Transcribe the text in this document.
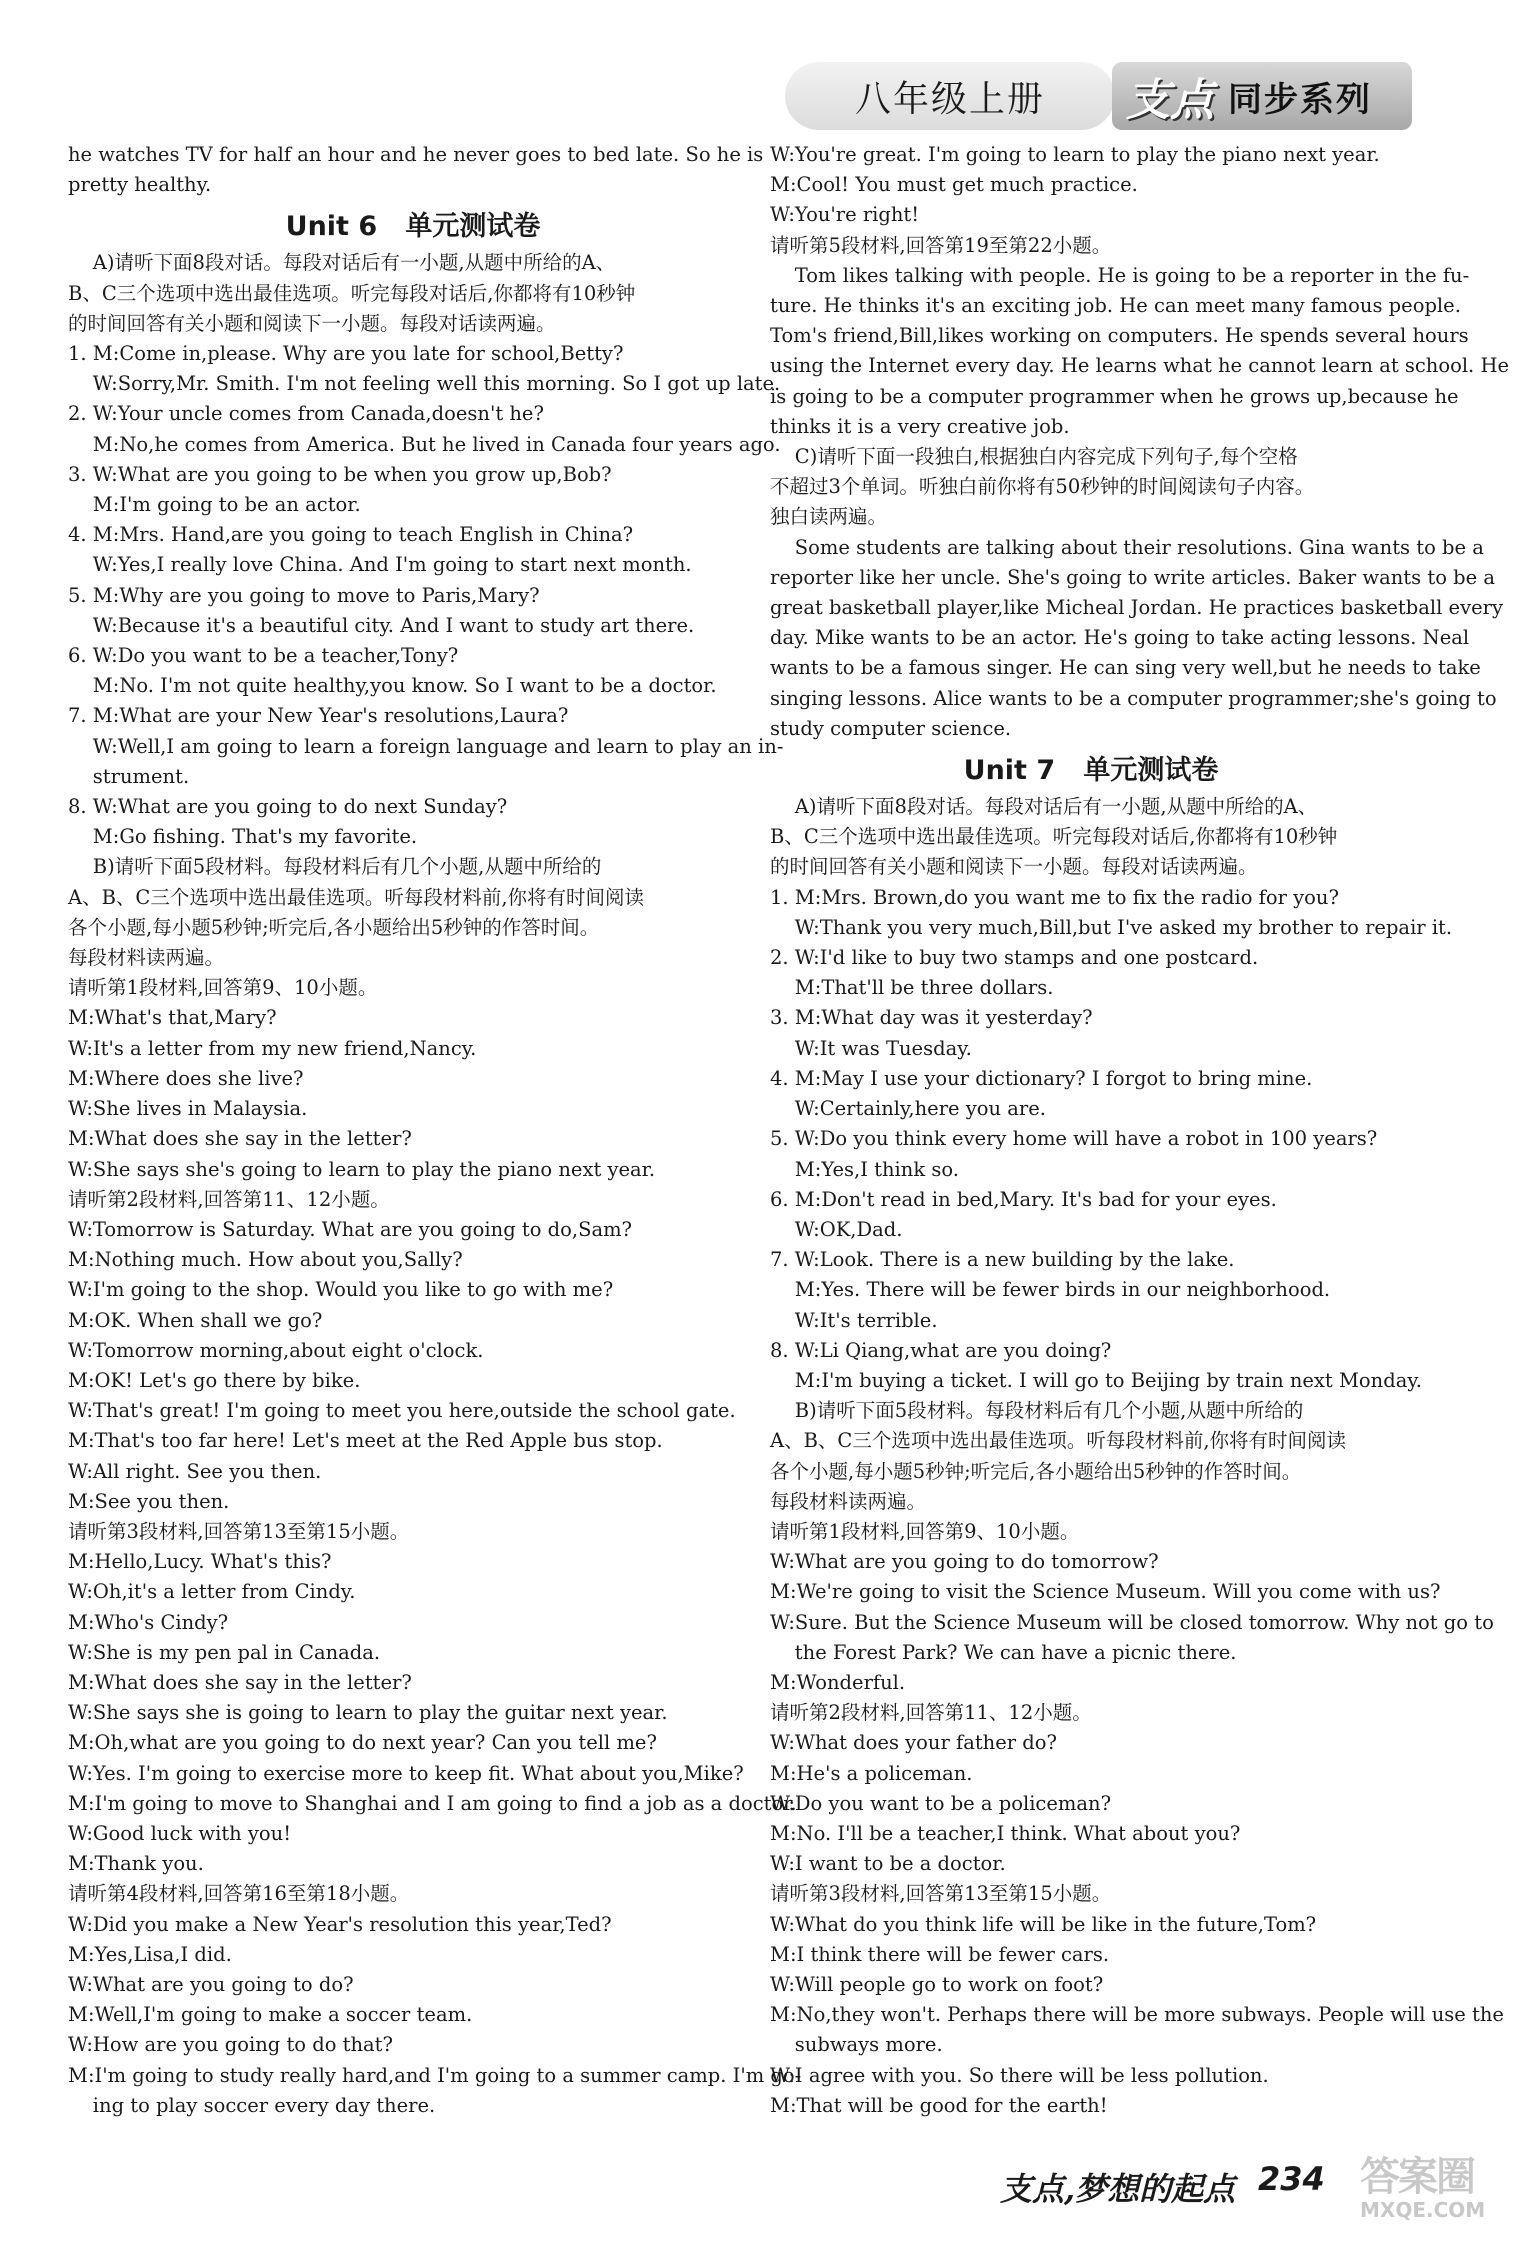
八年级上册	支点 同步系列
he watches TV for half an hour and he never goes to bed late. So he is
pretty healthy.
Unit 6   单元测试卷
A)请听下面8段对话。每段对话后有一小题,从题中所给的A、
B、C三个选项中选出最佳选项。听完每段对话后,你都将有10秒钟
的时间回答有关小题和阅读下一小题。每段对话读两遍。
1. M:Come in,please. Why are you late for school,Betty?
W:Sorry,Mr. Smith. I'm not feeling well this morning. So I got up late.
2. W:Your uncle comes from Canada,doesn't he?
M:No,he comes from America. But he lived in Canada four years ago.
3. W:What are you going to be when you grow up,Bob?
M:I'm going to be an actor.
4. M:Mrs. Hand,are you going to teach English in China?
W:Yes,I really love China. And I'm going to start next month.
5. M:Why are you going to move to Paris,Mary?
W:Because it's a beautiful city. And I want to study art there.
6. W:Do you want to be a teacher,Tony?
M:No. I'm not quite healthy,you know. So I want to be a doctor.
7. M:What are your New Year's resolutions,Laura?
W:Well,I am going to learn a foreign language and learn to play an in-
strument.
8. W:What are you going to do next Sunday?
M:Go fishing. That's my favorite.
B)请听下面5段材料。每段材料后有几个小题,从题中所给的
A、B、C三个选项中选出最佳选项。听每段材料前,你将有时间阅读
各个小题,每小题5秒钟;听完后,各小题给出5秒钟的作答时间。
每段材料读两遍。
请听第1段材料,回答第9、10小题。
M:What's that,Mary?
W:It's a letter from my new friend,Nancy.
M:Where does she live?
W:She lives in Malaysia.
M:What does she say in the letter?
W:She says she's going to learn to play the piano next year.
请听第2段材料,回答第11、12小题。
W:Tomorrow is Saturday. What are you going to do,Sam?
M:Nothing much. How about you,Sally?
W:I'm going to the shop. Would you like to go with me?
M:OK. When shall we go?
W:Tomorrow morning,about eight o'clock.
M:OK! Let's go there by bike.
W:That's great! I'm going to meet you here,outside the school gate.
M:That's too far here! Let's meet at the Red Apple bus stop.
W:All right. See you then.
M:See you then.
请听第3段材料,回答第13至第15小题。
M:Hello,Lucy. What's this?
W:Oh,it's a letter from Cindy.
M:Who's Cindy?
W:She is my pen pal in Canada.
M:What does she say in the letter?
W:She says she is going to learn to play the guitar next year.
M:Oh,what are you going to do next year? Can you tell me?
W:Yes. I'm going to exercise more to keep fit. What about you,Mike?
M:I'm going to move to Shanghai and I am going to find a job as a doctor.
W:Good luck with you!
M:Thank you.
请听第4段材料,回答第16至第18小题。
W:Did you make a New Year's resolution this year,Ted?
M:Yes,Lisa,I did.
W:What are you going to do?
M:Well,I'm going to make a soccer team.
W:How are you going to do that?
M:I'm going to study really hard,and I'm going to a summer camp. I'm go-
ing to play soccer every day there.
W:You're great. I'm going to learn to play the piano next year.
M:Cool! You must get much practice.
W:You're right!
请听第5段材料,回答第19至第22小题。
Tom likes talking with people. He is going to be a reporter in the fu-
ture. He thinks it's an exciting job. He can meet many famous people.
Tom's friend,Bill,likes working on computers. He spends several hours
using the Internet every day. He learns what he cannot learn at school. He
is going to be a computer programmer when he grows up,because he
thinks it is a very creative job.
C)请听下面一段独白,根据独白内容完成下列句子,每个空格
不超过3个单词。听独白前你将有50秒钟的时间阅读句子内容。
独白读两遍。
Some students are talking about their resolutions. Gina wants to be a
reporter like her uncle. She's going to write articles. Baker wants to be a
great basketball player,like Micheal Jordan. He practices basketball every
day. Mike wants to be an actor. He's going to take acting lessons. Neal
wants to be a famous singer. He can sing very well,but he needs to take
singing lessons. Alice wants to be a computer programmer;she's going to
study computer science.
Unit 7   单元测试卷
A)请听下面8段对话。每段对话后有一小题,从题中所给的A、
B、C三个选项中选出最佳选项。听完每段对话后,你都将有10秒钟
的时间回答有关小题和阅读下一小题。每段对话读两遍。
1. M:Mrs. Brown,do you want me to fix the radio for you?
W:Thank you very much,Bill,but I've asked my brother to repair it.
2. W:I'd like to buy two stamps and one postcard.
M:That'll be three dollars.
3. M:What day was it yesterday?
W:It was Tuesday.
4. M:May I use your dictionary? I forgot to bring mine.
W:Certainly,here you are.
5. W:Do you think every home will have a robot in 100 years?
M:Yes,I think so.
6. M:Don't read in bed,Mary. It's bad for your eyes.
W:OK,Dad.
7. W:Look. There is a new building by the lake.
M:Yes. There will be fewer birds in our neighborhood.
W:It's terrible.
8. W:Li Qiang,what are you doing?
M:I'm buying a ticket. I will go to Beijing by train next Monday.
B)请听下面5段材料。每段材料后有几个小题,从题中所给的
A、B、C三个选项中选出最佳选项。听每段材料前,你将有时间阅读
各个小题,每小题5秒钟;听完后,各小题给出5秒钟的作答时间。
每段材料读两遍。
请听第1段材料,回答第9、10小题。
W:What are you going to do tomorrow?
M:We're going to visit the Science Museum. Will you come with us?
W:Sure. But the Science Museum will be closed tomorrow. Why not go to
the Forest Park? We can have a picnic there.
M:Wonderful.
请听第2段材料,回答第11、12小题。
W:What does your father do?
M:He's a policeman.
W:Do you want to be a policeman?
M:No. I'll be a teacher,I think. What about you?
W:I want to be a doctor.
请听第3段材料,回答第13至第15小题。
W:What do you think life will be like in the future,Tom?
M:I think there will be fewer cars.
W:Will people go to work on foot?
M:No,they won't. Perhaps there will be more subways. People will use the
subways more.
W:I agree with you. So there will be less pollution.
M:That will be good for the earth!
支点,梦想的起点 234 答案圈
MXQE.COM
